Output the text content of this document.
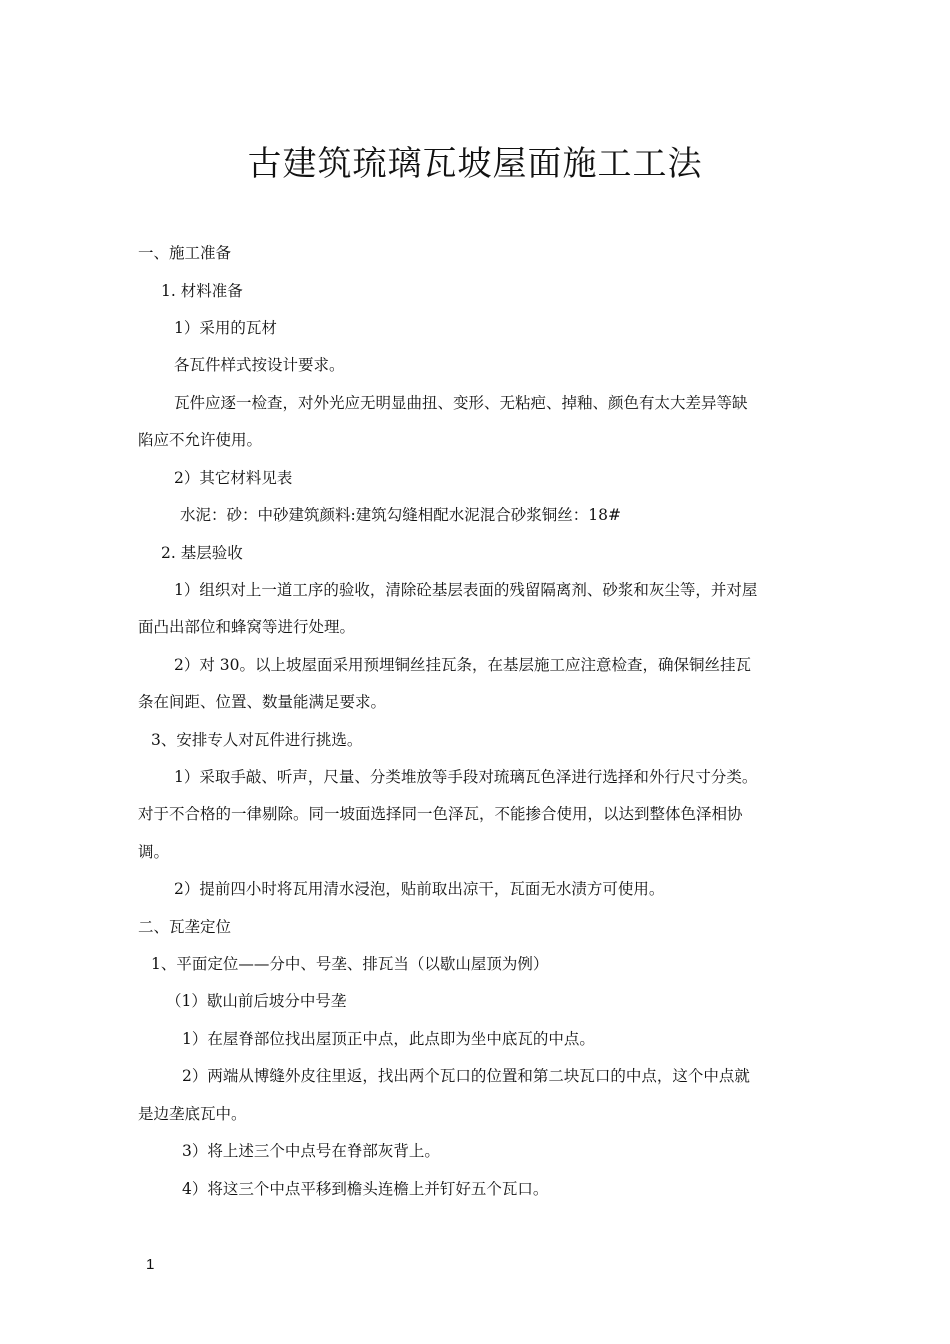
古建筑琉璃瓦坡屋面施工工法

一、施工准备

1. 材料准备

1）采用的瓦材

各瓦件样式按设计要求。

瓦件应逐一检查，对外光应无明显曲扭、变形、无粘疤、掉釉、颜色有太大差异等缺

陷应不允许使用。

2）其它材料见表

水泥：砂：中砂建筑颜料:建筑勾缝相配水泥混合砂浆铜丝：18#

2. 基层验收

1）组织对上一道工序的验收，清除砼基层表面的残留隔离剂、砂浆和灰尘等，并对屋

面凸出部位和蜂窝等进行处理。

2）对 30。以上坡屋面采用预埋铜丝挂瓦条，在基层施工应注意检查，确保铜丝挂瓦

条在间距、位置、数量能满足要求。

3、安排专人对瓦件进行挑选。

1）采取手敲、听声，尺量、分类堆放等手段对琉璃瓦色泽进行选择和外行尺寸分类。

对于不合格的一律剔除。同一坡面选择同一色泽瓦，不能掺合使用，以达到整体色泽相协

调。

2）提前四小时将瓦用清水浸泡，贴前取出凉干，瓦面无水渍方可使用。

二、瓦垄定位

1、平面定位——分中、号垄、排瓦当（以歇山屋顶为例）

（1）歇山前后坡分中号垄

1）在屋脊部位找出屋顶正中点，此点即为坐中底瓦的中点。

2）两端从博缝外皮往里返，找出两个瓦口的位置和第二块瓦口的中点，这个中点就

是边垄底瓦中。

3）将上述三个中点号在脊部灰背上。

4）将这三个中点平移到檐头连檐上并钉好五个瓦口。

1
